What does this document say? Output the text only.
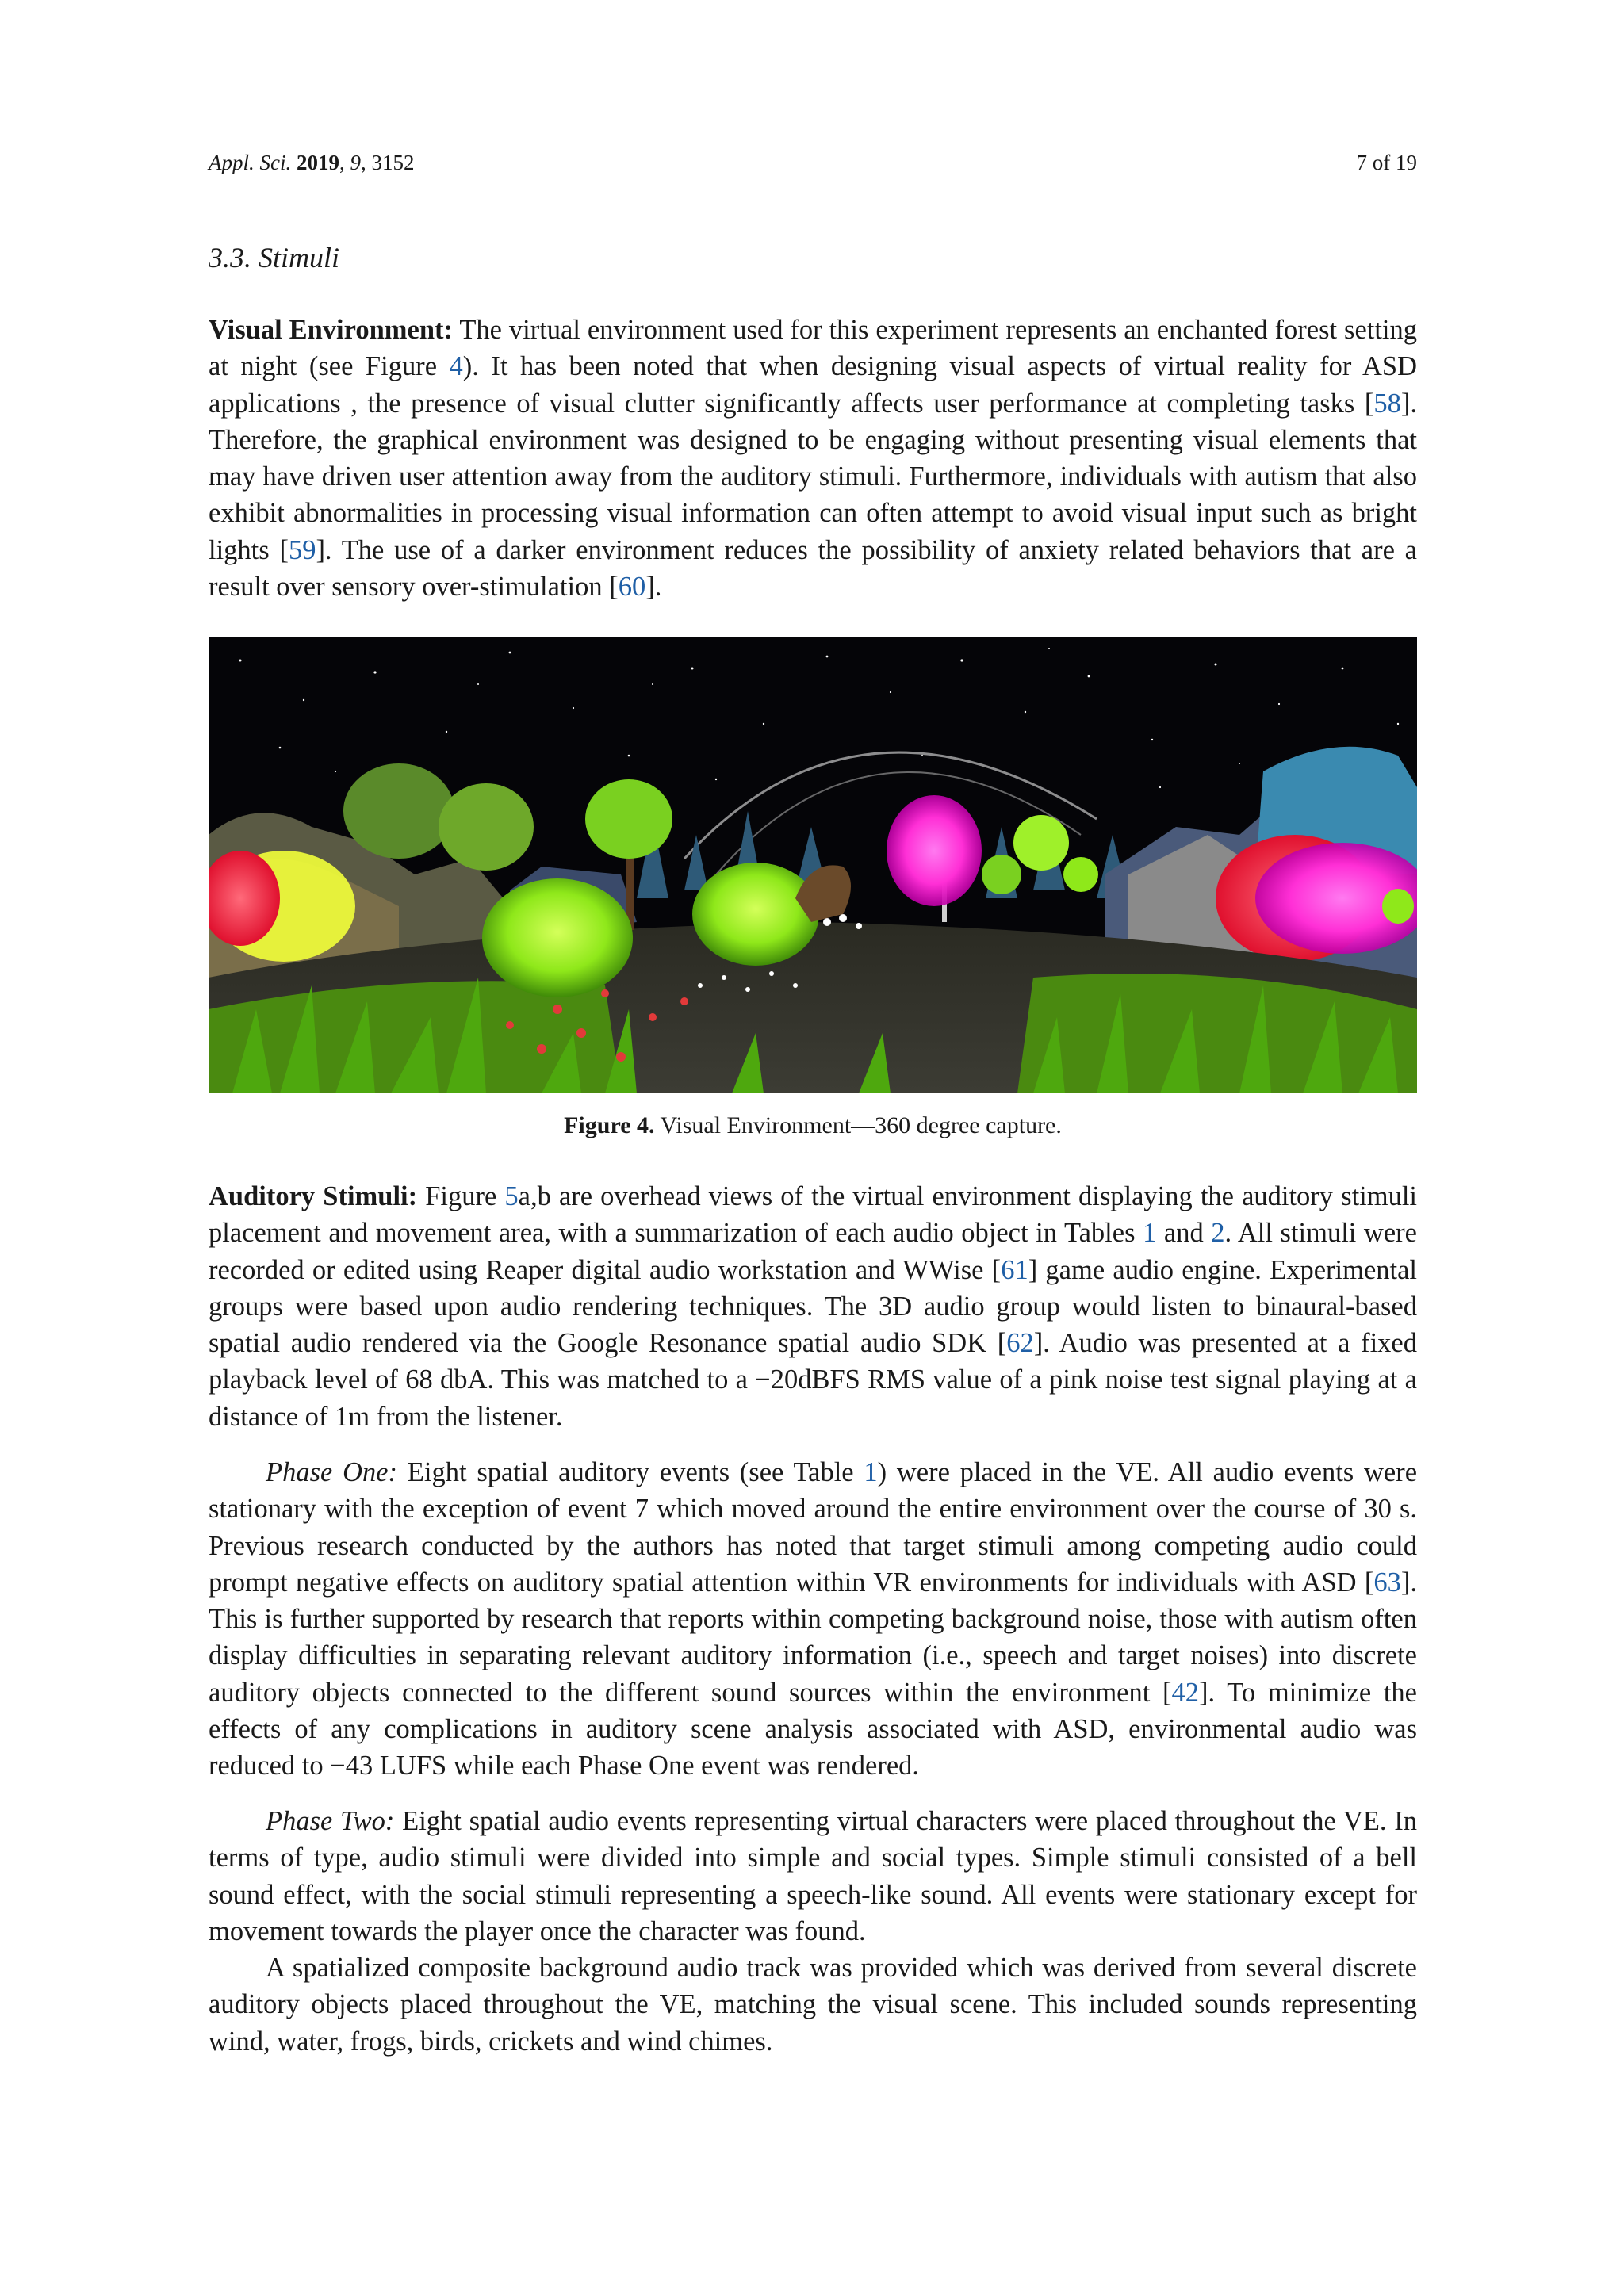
Appl. Sci. 2019, 9, 3152	7 of 19
3.3. Stimuli
Visual Environment: The virtual environment used for this experiment represents an enchanted forest setting at night (see Figure 4). It has been noted that when designing visual aspects of virtual reality for ASD applications , the presence of visual clutter significantly affects user performance at completing tasks [58]. Therefore, the graphical environment was designed to be engaging without presenting visual elements that may have driven user attention away from the auditory stimuli. Furthermore, individuals with autism that also exhibit abnormalities in processing visual information can often attempt to avoid visual input such as bright lights [59]. The use of a darker environment reduces the possibility of anxiety related behaviors that are a result over sensory over-stimulation [60].
Figure 4. Visual Environment—360 degree capture.
Auditory Stimuli: Figure 5a,b are overhead views of the virtual environment displaying the auditory stimuli placement and movement area, with a summarization of each audio object in Tables 1 and 2. All stimuli were recorded or edited using Reaper digital audio workstation and WWise [61] game audio engine. Experimental groups were based upon audio rendering techniques. The 3D audio group would listen to binaural-based spatial audio rendered via the Google Resonance spatial audio SDK [62]. Audio was presented at a fixed playback level of 68 dbA. This was matched to a −20dBFS RMS value of a pink noise test signal playing at a distance of 1m from the listener.
Phase One: Eight spatial auditory events (see Table 1) were placed in the VE. All audio events were stationary with the exception of event 7 which moved around the entire environment over the course of 30 s. Previous research conducted by the authors has noted that target stimuli among competing audio could prompt negative effects on auditory spatial attention within VR environments for individuals with ASD [63]. This is further supported by research that reports within competing background noise, those with autism often display difficulties in separating relevant auditory information (i.e., speech and target noises) into discrete auditory objects connected to the different sound sources within the environment [42]. To minimize the effects of any complications in auditory scene analysis associated with ASD, environmental audio was reduced to −43 LUFS while each Phase One event was rendered.
Phase Two: Eight spatial audio events representing virtual characters were placed throughout the VE. In terms of type, audio stimuli were divided into simple and social types. Simple stimuli consisted of a bell sound effect, with the social stimuli representing a speech-like sound. All events were stationary except for movement towards the player once the character was found.
A spatialized composite background audio track was provided which was derived from several discrete auditory objects placed throughout the VE, matching the visual scene. This included sounds representing wind, water, frogs, birds, crickets and wind chimes.
